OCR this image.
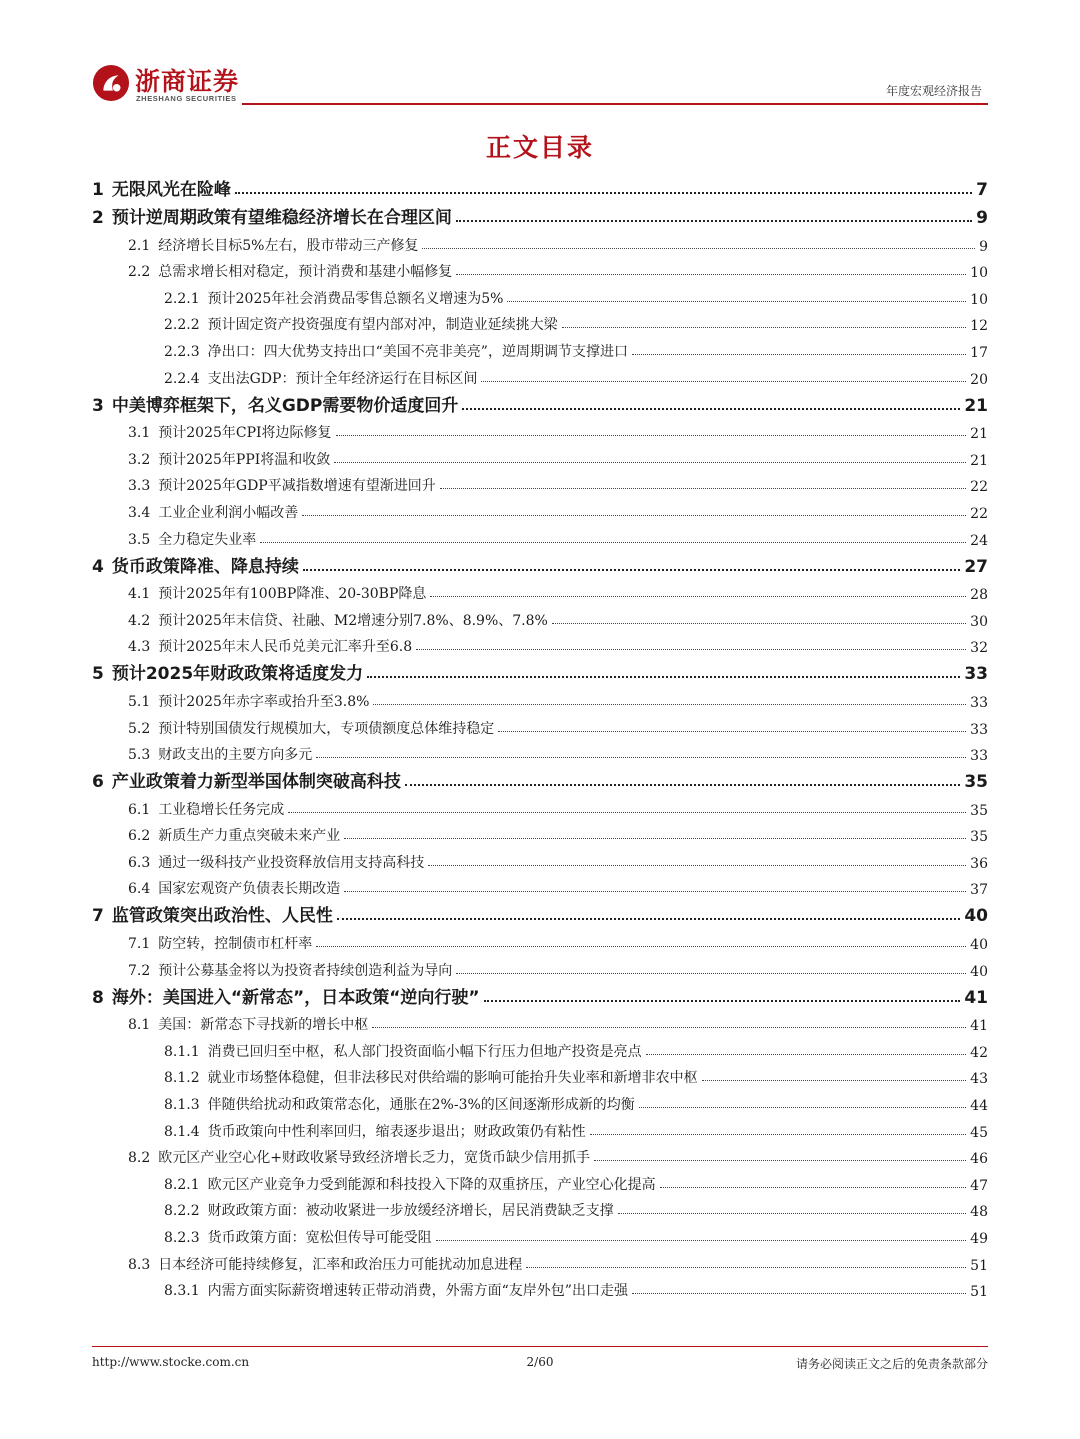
浙商证券
ZHESHANG SECURITIES
年度宏观经济报告
正文目录
1 无限风光在险峰	7
2 预计逆周期政策有望维稳经济增长在合理区间	9
2.1 经济增长目标5%左右，股市带动三产修复	9
2.2 总需求增长相对稳定，预计消费和基建小幅修复	10
2.2.1 预计2025年社会消费品零售总额名义增速为5%	10
2.2.2 预计固定资产投资强度有望内部对冲，制造业延续挑大梁	12
2.2.3 净出口：四大优势支持出口“美国不亮非美亮”，逆周期调节支撑进口	17
2.2.4 支出法GDP：预计全年经济运行在目标区间	20
3 中美博弈框架下，名义GDP需要物价适度回升	21
3.1 预计2025年CPI将边际修复	21
3.2 预计2025年PPI将温和收敛	21
3.3 预计2025年GDP平减指数增速有望渐进回升	22
3.4 工业企业利润小幅改善	22
3.5 全力稳定失业率	24
4 货币政策降准、降息持续	27
4.1 预计2025年有100BP降准、20-30BP降息	28
4.2 预计2025年末信贷、社融、M2增速分别7.8%、8.9%、7.8%	30
4.3 预计2025年末人民币兑美元汇率升至6.8	32
5 预计2025年财政政策将适度发力	33
5.1 预计2025年赤字率或抬升至3.8%	33
5.2 预计特别国债发行规模加大，专项债额度总体维持稳定	33
5.3 财政支出的主要方向多元	33
6 产业政策着力新型举国体制突破高科技	35
6.1 工业稳增长任务完成	35
6.2 新质生产力重点突破未来产业	35
6.3 通过一级科技产业投资释放信用支持高科技	36
6.4 国家宏观资产负债表长期改造	37
7 监管政策突出政治性、人民性	40
7.1 防空转，控制债市杠杆率	40
7.2 预计公募基金将以为投资者持续创造利益为导向	40
8 海外：美国进入“新常态”，日本政策“逆向行驶”	41
8.1 美国：新常态下寻找新的增长中枢	41
8.1.1 消费已回归至中枢，私人部门投资面临小幅下行压力但地产投资是亮点	42
8.1.2 就业市场整体稳健，但非法移民对供给端的影响可能抬升失业率和新增非农中枢	43
8.1.3 伴随供给扰动和政策常态化，通胀在2%-3%的区间逐渐形成新的均衡	44
8.1.4 货币政策向中性利率回归，缩表逐步退出；财政政策仍有粘性	45
8.2 欧元区产业空心化+财政收紧导致经济增长乏力，宽货币缺少信用抓手	46
8.2.1 欧元区产业竞争力受到能源和科技投入下降的双重挤压，产业空心化提高	47
8.2.2 财政政策方面：被动收紧进一步放缓经济增长，居民消费缺乏支撑	48
8.2.3 货币政策方面：宽松但传导可能受阻	49
8.3 日本经济可能持续修复，汇率和政治压力可能扰动加息进程	51
8.3.1 内需方面实际薪资增速转正带动消费，外需方面“友岸外包”出口走强	51
http://www.stocke.com.cn	2/60	请务必阅读正文之后的免责条款部分
